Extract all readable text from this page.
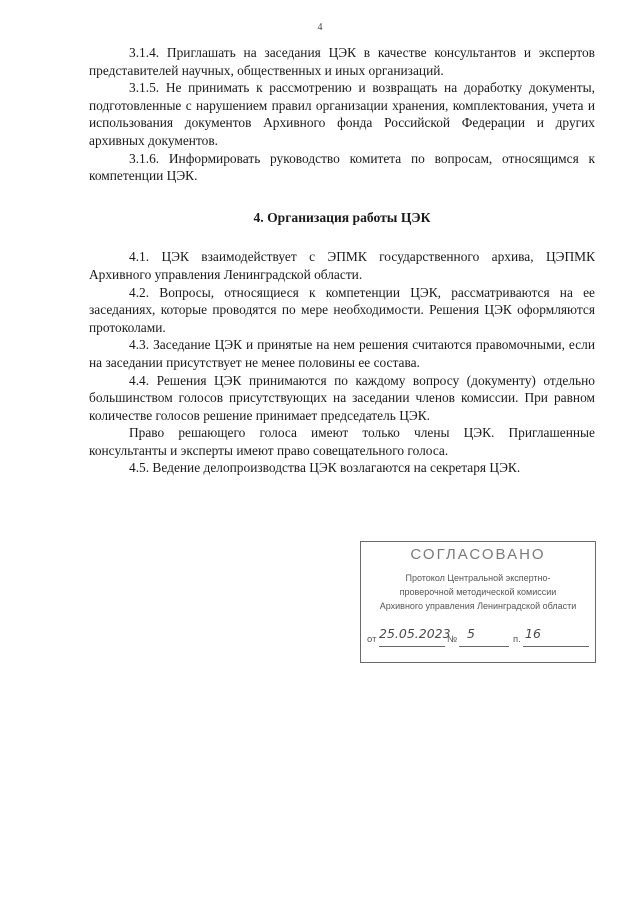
4

3.1.4. Приглашать на заседания ЦЭК в качестве консультантов и экспертов представителей научных, общественных и иных организаций.

3.1.5. Не принимать к рассмотрению и возвращать на доработку документы, подготовленные с нарушением правил организации хранения, комплектования, учета и использования документов Архивного фонда Российской Федерации и других архивных документов.

3.1.6. Информировать руководство комитета по вопросам, относящимся к компетенции ЦЭК.

4. Организация работы ЦЭК

4.1. ЦЭК взаимодействует с ЭПМК государственного архива, ЦЭПМК Архивного управления Ленинградской области.

4.2. Вопросы, относящиеся к компетенции ЦЭК, рассматриваются на ее заседаниях, которые проводятся по мере необходимости. Решения ЦЭК оформляются протоколами.

4.3. Заседание ЦЭК и принятые на нем решения считаются правомочными, если на заседании присутствует не менее половины ее состава.

4.4. Решения ЦЭК принимаются по каждому вопросу (документу) отдельно большинством голосов присутствующих на заседании членов комиссии. При равном количестве голосов решение принимает председатель ЦЭК.

Право решающего голоса имеют только члены ЦЭК. Приглашенные консультанты и эксперты имеют право совещательного голоса.

4.5. Ведение делопроизводства ЦЭК возлагаются на секретаря ЦЭК.

СОГЛАСОВАНО
Протокол Центральной экспертно-
проверочной методической комиссии
Архивного управления Ленинградской области
от 25.05.2023
№ 5	п. 16
